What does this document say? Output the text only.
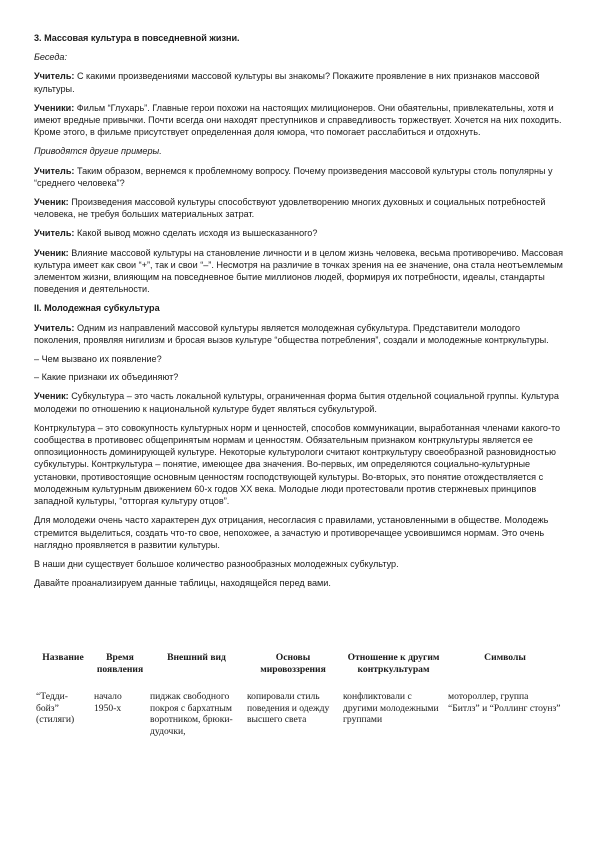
3. Массовая культура в повседневной жизни.

Беседа:

Учитель: С какими произведениями массовой культуры вы знакомы? Покажите проявление в них признаков массовой культуры.

Ученики: Фильм “Глухарь”. Главные герои похожи на настоящих милиционеров. Они обаятельны, привлекательны, хотя и имеют вредные привычки. Почти всегда они находят преступников и справедливость торжествует. Хочется на них походить. Кроме этого, в фильме присутствует определенная доля юмора, что помогает расслабиться и отдохнуть.

Приводятся другие примеры.

Учитель: Таким образом, вернемся к проблемному вопросу. Почему произведения массовой культуры столь популярны у “среднего человека”?

Ученик: Произведения массовой культуры способствуют удовлетворению многих духовных и социальных потребностей человека, не требуя больших материальных затрат.

Учитель: Какой вывод можно сделать исходя из вышесказанного?

Ученик: Влияние массовой культуры на становление личности и в целом жизнь человека, весьма противоречиво. Массовая культура имеет как свои “+”, так и свои “–”. Несмотря на различие в точках зрения на ее значение, она стала неотъемлемым элементом жизни, влияющим на повседневное бытие миллионов людей, формируя их потребности, идеалы, стандарты поведения и деятельности.

II. Молодежная субкультура

Учитель: Одним из направлений массовой культуры является молодежная субкультура. Представители молодого поколения, проявляя нигилизм и бросая вызов культуре “общества потребления”, создали и молодежные контркультуры.

– Чем вызвано их появление?

– Какие признаки их объединяют?

Ученик: Субкультура – это часть локальной культуры, ограниченная форма бытия отдельной социальной группы. Культура молодежи по отношению к национальной культуре будет являться субкультурой.

Контркультура – это совокупность культурных норм и ценностей, способов коммуникации, выработанная членами какого-то сообщества в противовес общепринятым нормам и ценностям. Обязательным признаком контркультуры является ее оппозиционность доминирующей культуре. Некоторые культурологи считают контркультуру своеобразной разновидностью субкультуры. Контркультура – понятие, имеющее два значения. Во-первых, им определяются социально-культурные установки, противостоящие основным ценностям господствующей культуры. Во-вторых, это понятие отождествляется с молодежным культурным движением 60-х годов XX века. Молодые люди протестовали против стержневых принципов западной культуры, “отторгая культуру отцов”.

Для молодежи очень часто характерен дух отрицания, несогласия с правилами, установленными в обществе. Молодежь стремится выделиться, создать что-то свое, непохожее, а зачастую и противоречащее усвоившимся нормам. Это очень наглядно проявляется в развитии культуры.

В наши дни существует большое количество разнообразных молодежных субкультур.

Давайте проанализируем данные таблицы, находящейся перед вами.

Название	Время появления	Внешний вид	Основы мировоззрения	Отношение к другим контркультурам	Символы
“Тедди-бойз” (стиляги)	начало 1950-х	пиджак свободного покроя с бархатным воротником, брюки-дудочки,	копировали стиль поведения и одежду высшего света	конфликтовали с другими молодежными группами	мотороллер, группа “Битлз” и “Роллинг стоунз”
